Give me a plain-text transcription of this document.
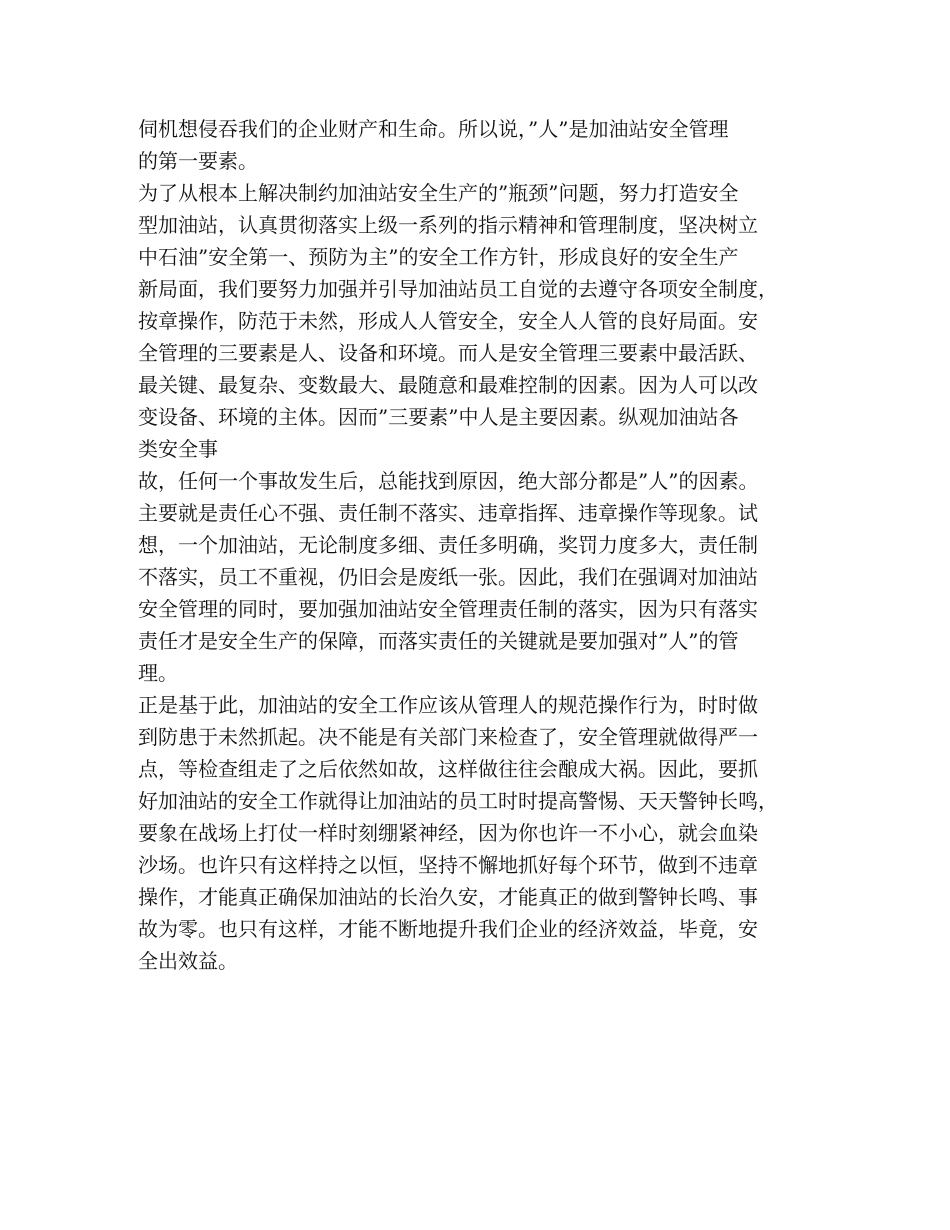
伺机想侵吞我们的企业财产和生命。所以说，”人”是加油站安全管理
的第一要素。
为了从根本上解决制约加油站安全生产的”瓶颈”问题，努力打造安全
型加油站，认真贯彻落实上级一系列的指示精神和管理制度，坚决树立
中石油”安全第一、预防为主”的安全工作方针，形成良好的安全生产
新局面，我们要努力加强并引导加油站员工自觉的去遵守各项安全制度，
按章操作，防范于未然，形成人人管安全，安全人人管的良好局面。安
全管理的三要素是人、设备和环境。而人是安全管理三要素中最活跃、
最关键、最复杂、变数最大、最随意和最难控制的因素。因为人可以改
变设备、环境的主体。因而”三要素”中人是主要因素。纵观加油站各
类安全事
故，任何一个事故发生后，总能找到原因，绝大部分都是”人”的因素。
主要就是责任心不强、责任制不落实、违章指挥、违章操作等现象。试
想，一个加油站，无论制度多细、责任多明确，奖罚力度多大，责任制
不落实，员工不重视，仍旧会是废纸一张。因此，我们在强调对加油站
安全管理的同时，要加强加油站安全管理责任制的落实，因为只有落实
责任才是安全生产的保障，而落实责任的关键就是要加强对”人”的管
理。
正是基于此，加油站的安全工作应该从管理人的规范操作行为，时时做
到防患于未然抓起。决不能是有关部门来检查了，安全管理就做得严一
点，等检查组走了之后依然如故，这样做往往会酿成大祸。因此，要抓
好加油站的安全工作就得让加油站的员工时时提高警惕、天天警钟长鸣，
要象在战场上打仗一样时刻绷紧神经，因为你也许一不小心，就会血染
沙场。也许只有这样持之以恒，坚持不懈地抓好每个环节，做到不违章
操作，才能真正确保加油站的长治久安，才能真正的做到警钟长鸣、事
故为零。也只有这样，才能不断地提升我们企业的经济效益，毕竟，安
全出效益。
